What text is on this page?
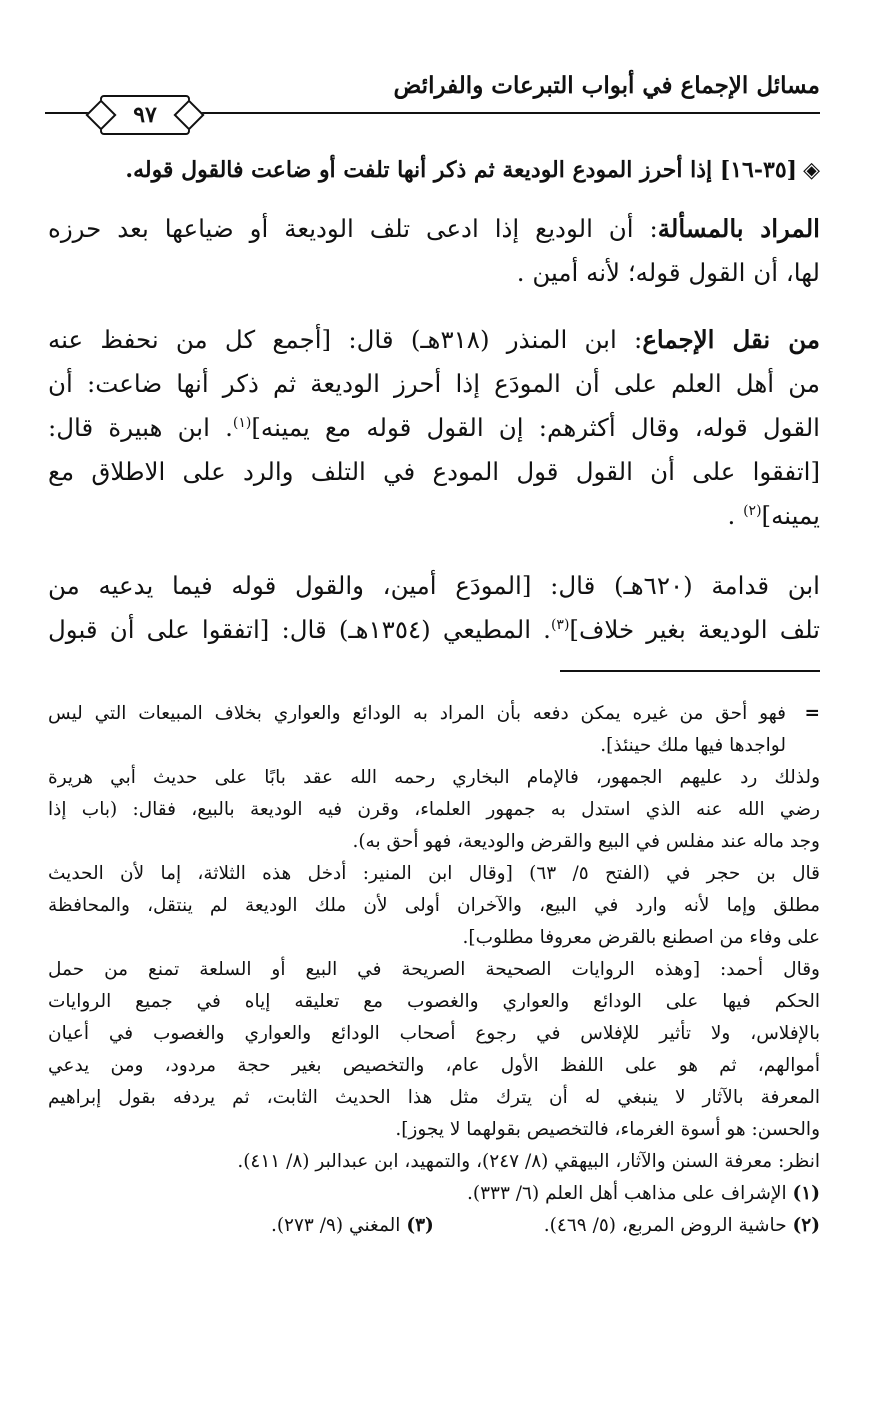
مسائل الإجماع في أبواب التبرعات والفرائض
٩٧
◈[٣٥-١٦] إذا أحرز المودع الوديعة ثم ذكر أنها تلفت أو ضاعت فالقول قوله.
المراد بالمسألة: أن الوديع إذا ادعى تلف الوديعة أو ضياعها بعد حرزه
لها، أن القول قوله؛ لأنه أمين .
من نقل الإجماع: ابن المنذر (٣١٨هـ) قال: [أجمع كل من نحفظ عنه
من أهل العلم على أن المودَع إذا أحرز الوديعة ثم ذكر أنها ضاعت: أن
القول قوله، وقال أكثرهم: إن القول قوله مع يمينه]$^{(١)}$. ابن هبيرة قال:
[اتفقوا على أن القول قول المودع في التلف والرد على الاطلاق مع
يمينه]$^{(٢)}$ .
ابن قدامة (٦٢٠هـ) قال: [المودَع أمين، والقول قوله فيما يدعيه من
تلف الوديعة بغير خلاف]$^{(٣)}$. المطيعي (١٣٥٤هـ) قال: [اتفقوا على أن قبول
=فهو أحق من غيره يمكن دفعه بأن المراد به الودائع والعواري بخلاف المبيعات التي ليس
لواجدها فيها ملك حينئذ].
ولذلك رد عليهم الجمهور، فالإمام البخاري رحمه الله عقد بابًا على حديث أبي هريرة
رضي الله عنه الذي استدل به جمهور العلماء، وقرن فيه الوديعة بالبيع، فقال: (باب إذا
وجد ماله عند مفلس في البيع والقرض والوديعة، فهو أحق به).
قال بن حجر في (الفتح ٥/ ٦٣) [وقال ابن المنير: أدخل هذه الثلاثة، إما لأن الحديث
مطلق وإما لأنه وارد في البيع، والآخران أولى لأن ملك الوديعة لم ينتقل، والمحافظة
على وفاء من اصطنع بالقرض معروفا مطلوب].
وقال أحمد: [وهذه الروايات الصحيحة الصريحة في البيع أو السلعة تمنع من حمل
الحكم فيها على الودائع والعواري والغصوب مع تعليقه إياه في جميع الروايات
بالإفلاس، ولا تأثير للإفلاس في رجوع أصحاب الودائع والعواري والغصوب في أعيان
أموالهم، ثم هو على اللفظ الأول عام، والتخصيص بغير حجة مردود، ومن يدعي
المعرفة بالآثار لا ينبغي له أن يترك مثل هذا الحديث الثابت، ثم يردفه بقول إبراهيم
والحسن: هو أسوة الغرماء، فالتخصيص بقولهما لا يجوز].
انظر: معرفة السنن والآثار، البيهقي (٨/ ٢٤٧)، والتمهيد، ابن عبدالبر (٨/ ٤١١).
(١) الإشراف على مذاهب أهل العلم (٦/ ٣٣٣).
(٢) حاشية الروض المربع، (٥/ ٤٦٩).
(٣) المغني (٩/ ٢٧٣).
